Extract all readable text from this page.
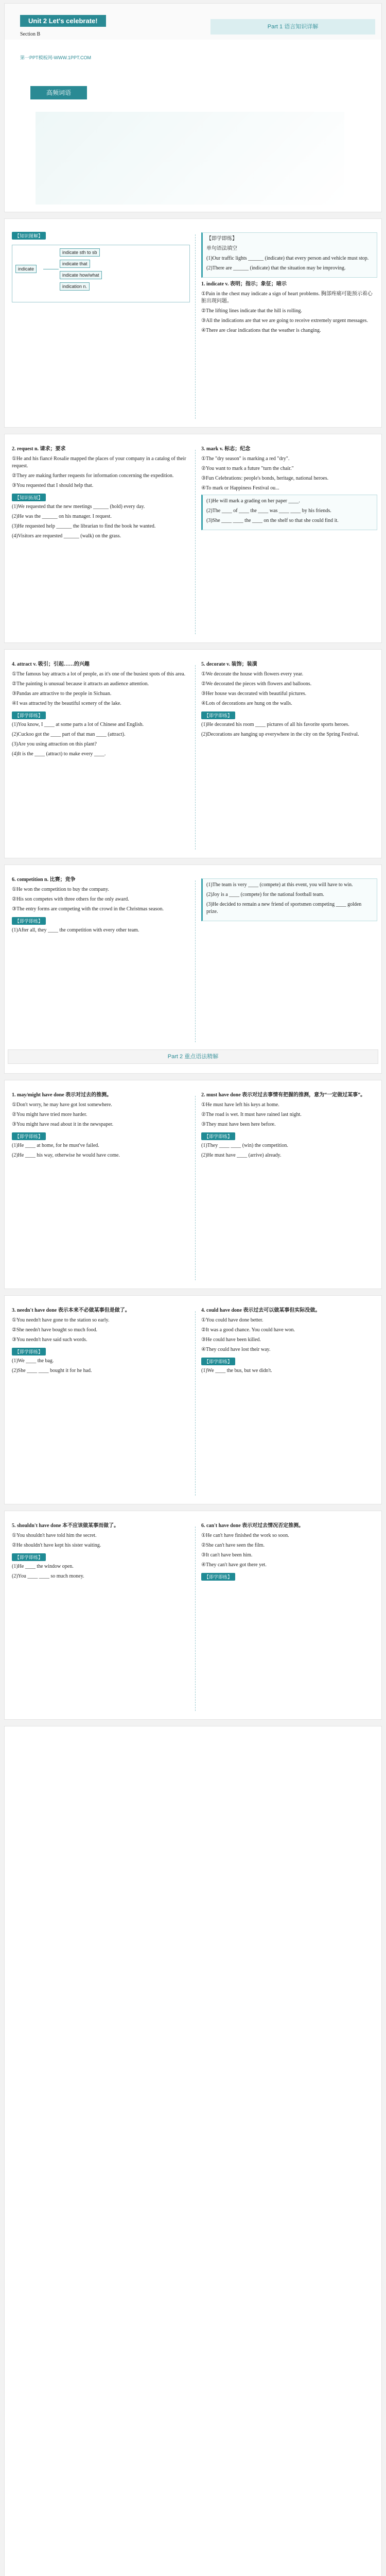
Unit 2 Let's celebrate!
Section B
第一PPT模板网-WWW.1PPT.COM
Part 1 语言知识详解
高频词语
【知识图解】
indicate
indicate sth to sb
indicate that
indicate how/what
indication n.

【即学即练】

单句语法填空

(1)Our traffic lights ______ (indicate) that every person and vehicle must stop.

(2)There are ______ (indicate) that the situation may be improving.

1. indicate v. 表明；指示；象征；暗示

①Pain in the chest may indicate a sign of heart problems. 胸部疼痛可能预示着心脏出现问题。

②The lifting lines indicate that the hill is rolling.

③All the indications are that we are going to receive extremely urgent messages.

④There are clear indications that the weather is changing.

2. request n. 请求；要求

①He and his fiancé Rosalie mapped the places of your company in a catalog of their request.

②They are making further requests for information concerning the expedition.

③You requested that I should help that.

【知识拓展】

(1)We requested that the new meetings ______ (hold) every day.

(2)He was the ______ on his manager. I request.

(3)He requested help ______ the librarian to find the book he wanted.

(4)Visitors are requested ______ (walk) on the grass.

3. mark v. 标志；纪念

①The "dry season" is marking a red "dry".

②You want to mark a future "turn the chair."

③Fun Celebrations: people's bonds, heritage, national heroes.

④To mark or Happiness Festival ou...

(1)He will mark a grading on her paper ____.

(2)The ____ of ____ the ____ was ____ ____ by his friends.

(3)She ____ ____ the ____ on the shelf so that she could find it.

4. attract v. 吸引；引起……的兴趣

①The famous bay attracts a lot of people, as it's one of the busiest spots of this area.

②The painting is unusual because it attracts an audience attention.

③Pandas are attractive to the people in Sichuan.

④I was attracted by the beautiful scenery of the lake.

【即学即练】

(1)You know, I ____ at some parts a lot of Chinese and English.

(2)Cuckoo got the ____ part of that man ____ (attract).

(3)Are you using attraction on this plant?

(4)It is the ____ (attract) to make every ____.

5. decorate v. 装饰；装潢

①We decorate the house with flowers every year.

②We decorated the pieces with flowers and balloons.

③Her house was decorated with beautiful pictures.

④Lots of decorations are hung on the walls.

【即学即练】

(1)He decorated his room ____ pictures of all his favorite sports heroes.

(2)Decorations are hanging up everywhere in the city on the Spring Festival.

6. competition n. 比赛；竞争

①He won the competition to buy the company.

②His son competes with three others for the only award.

③The entry forms are competing with the crowd in the Christmas season.

【即学即练】

(1)After all, they ____ the competition with every other team.

(1)The team is very ____ (compete) at this event, you will have to win.

(2)Joy is a ____ (compete) for the national football team.

(3)He decided to remain a new friend of sportsmen competing ____ golden prize.

Part 2 重点语法精解

1. may/might have done 表示对过去的推测。

①Don't worry, he may have got lost somewhere.

②You might have tried more harder.

③You might have read about it in the newspaper.

【即学即练】

(1)He ____ at home, for he must've failed.

(2)He ____ his way, otherwise he would have come.

2. must have done 表示对过去事情有把握的推测，意为“一定做过某事”。

①He must have left his keys at home.

②The road is wet. It must have rained last night.

③They must have been here before.

【即学即练】

(1)They ____ ____ (win) the competition.

(2)He must have ____ (arrive) already.

3. needn't have done 表示本来不必做某事但是做了。

①You needn't have gone to the station so early.

②She needn't have bought so much food.

③You needn't have said such words.

【即学即练】

(1)We ____ the bag.

(2)She ____ ____ bought it for he had.

4. could have done 表示过去可以做某事但实际没做。

①You could have done better.

②It was a good chance. You could have won.

③He could have been killed.

④They could have lost their way.

【即学即练】

(1)We ____ the bus, but we didn't.

5. shouldn't have done 本不应该做某事而做了。

①You shouldn't have told him the secret.

②He shouldn't have kept his sister waiting.

【即学即练】

(1)He ____ the window open.

(2)You ____ ____ so much money.

6. can't have done 表示对过去情况否定推测。

①He can't have finished the work so soon.

②She can't have seen the film.

③It can't have been him.

④They can't have got there yet.

【即学即练】
